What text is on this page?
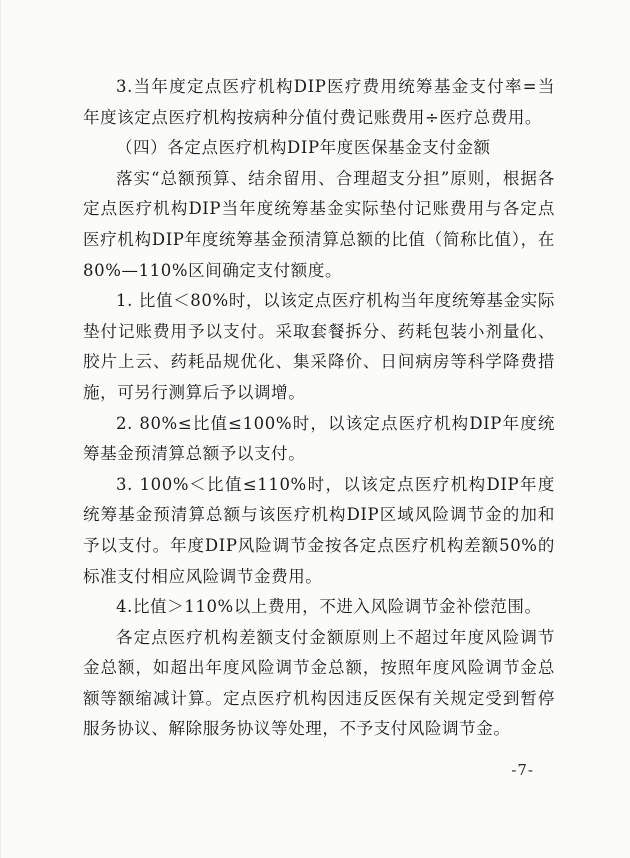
3.当年度定点医疗机构DIP医疗费用统筹基金支付率=当年度该定点医疗机构按病种分值付费记账费用÷医疗总费用。

（四）各定点医疗机构DIP年度医保基金支付金额

落实“总额预算、结余留用、合理超支分担”原则，根据各定点医疗机构DIP当年度统筹基金实际垫付记账费用与各定点医疗机构DIP年度统筹基金预清算总额的比值（简称比值），在80%—110%区间确定支付额度。

1. 比值＜80%时，以该定点医疗机构当年度统筹基金实际垫付记账费用予以支付。采取套餐拆分、药耗包装小剂量化、胶片上云、药耗品规优化、集采降价、日间病房等科学降费措施，可另行测算后予以调增。

2. 80%≤比值≤100%时，以该定点医疗机构DIP年度统筹基金预清算总额予以支付。

3. 100%＜比值≤110%时，以该定点医疗机构DIP年度统筹基金预清算总额与该医疗机构DIP区域风险调节金的加和予以支付。年度DIP风险调节金按各定点医疗机构差额50%的标准支付相应风险调节金费用。

4.比值＞110%以上费用，不进入风险调节金补偿范围。

各定点医疗机构差额支付金额原则上不超过年度风险调节金总额，如超出年度风险调节金总额，按照年度风险调节金总额等额缩减计算。定点医疗机构因违反医保有关规定受到暂停服务协议、解除服务协议等处理，不予支付风险调节金。

-7-
